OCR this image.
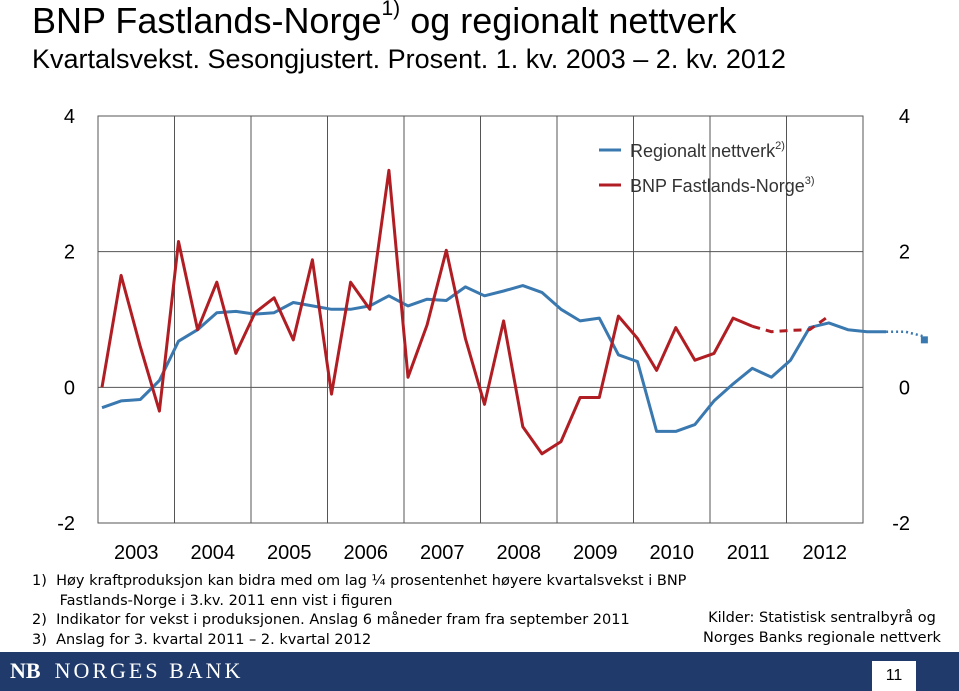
BNP Fastlands-Norge$^{1)}$ og regionalt nettverk
Kvartalsvekst. Sesongjustert. Prosent. 1. kv. 2003 – 2. kv. 2012
-2	-2
0	0
2	2
4	4
2003 2004 2005 2006 2007 2008 2009 2010 2011 2012
Regionalt nettverk$^{2)}$
BNP Fastlands-Norge$^{3)}$
1)  Høy kraftproduksjon kan bidra med om lag ¼ prosentenhet høyere kvartalsvekst i BNP
Fastlands-Norge i 3.kv. 2011 enn vist i figuren
2)  Indikator for vekst i produksjonen. Anslag 6 måneder fram fra september 2011
3)  Anslag for 3. kvartal 2011 – 2. kvartal 2012
Kilder: Statistisk sentralbyrå og
Norges Banks regionale nettverk
NB NORGES BANK	11
